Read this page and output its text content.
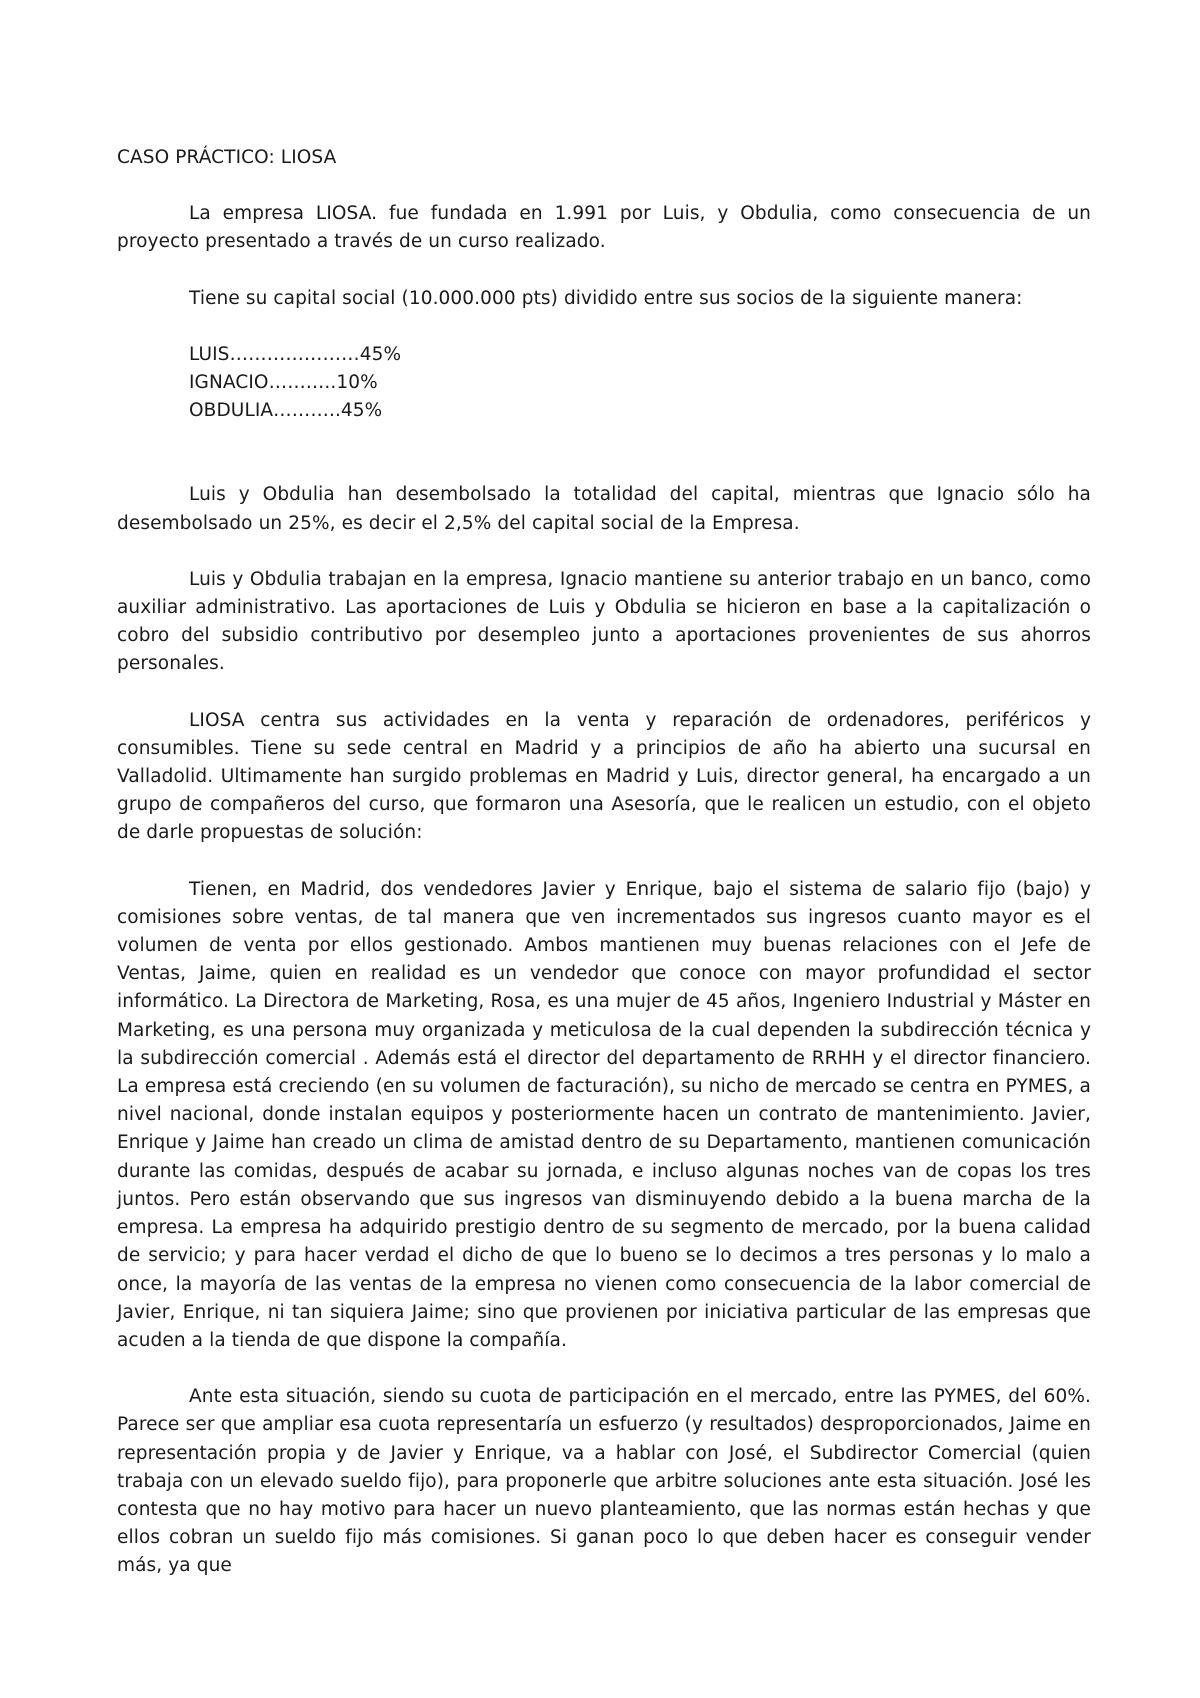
CASO PRÁCTICO: LIOSA

La empresa LIOSA. fue fundada en 1.991 por Luis, y Obdulia, como consecuencia de un proyecto presentado a través de un curso realizado.

Tiene su capital social (10.000.000 pts) dividido entre sus socios de la siguiente manera:

LUIS…………………45%
IGNACIO………..10%
OBDULIA………..45%

Luis y Obdulia han desembolsado la totalidad del capital, mientras que Ignacio sólo ha desembolsado un 25%, es decir el 2,5% del capital social de la Empresa.

Luis y Obdulia trabajan en la empresa, Ignacio mantiene su anterior trabajo en un banco, como auxiliar administrativo. Las aportaciones de Luis y Obdulia se hicieron en base a la capitalización o cobro del subsidio contributivo por desempleo junto a aportaciones provenientes de sus ahorros personales.

LIOSA centra sus actividades en la venta y reparación de ordenadores, periféricos y consumibles. Tiene su sede central en Madrid y a principios de año ha abierto una sucursal en Valladolid. Ultimamente han surgido problemas en Madrid y Luis, director general, ha encargado a un grupo de compañeros del curso, que formaron una Asesoría, que le realicen un estudio, con el objeto de darle propuestas de solución:

Tienen, en Madrid, dos vendedores Javier y Enrique, bajo el sistema de salario fijo (bajo) y comisiones sobre ventas, de tal manera que ven incrementados sus ingresos cuanto mayor es el volumen de venta por ellos gestionado. Ambos mantienen muy buenas relaciones con el Jefe de Ventas, Jaime, quien en realidad es un vendedor que conoce con mayor profundidad el sector informático. La Directora de Marketing, Rosa, es una mujer de 45 años, Ingeniero Industrial y Máster en Marketing, es una persona muy organizada y meticulosa de la cual dependen la subdirección técnica y la subdirección comercial . Además está el director del departamento de RRHH y el director financiero. La empresa está creciendo (en su volumen de facturación), su nicho de mercado se centra en PYMES, a nivel nacional, donde instalan equipos y posteriormente hacen un contrato de mantenimiento. Javier, Enrique y Jaime han creado un clima de amistad dentro de su Departamento, mantienen comunicación durante las comidas, después de acabar su jornada, e incluso algunas noches van de copas los tres juntos. Pero están observando que sus ingresos van disminuyendo debido a la buena marcha de la empresa. La empresa ha adquirido prestigio dentro de su segmento de mercado, por la buena calidad de servicio; y para hacer verdad el dicho de que lo bueno se lo decimos a tres personas y lo malo a once, la mayoría de las ventas de la empresa no vienen como consecuencia de la labor comercial de Javier, Enrique, ni tan siquiera Jaime; sino que provienen por iniciativa particular de las empresas que acuden a la tienda de que dispone la compañía.

Ante esta situación, siendo su cuota de participación en el mercado, entre las PYMES, del 60%. Parece ser que ampliar esa cuota representaría un esfuerzo (y resultados) desproporcionados, Jaime en representación propia y de Javier y Enrique, va a hablar con José, el Subdirector Comercial (quien trabaja con un elevado sueldo fijo), para proponerle que arbitre soluciones ante esta situación. José les contesta que no hay motivo para hacer un nuevo planteamiento, que las normas están hechas y que ellos cobran un sueldo fijo más comisiones. Si ganan poco lo que deben hacer es conseguir vender más, ya que
